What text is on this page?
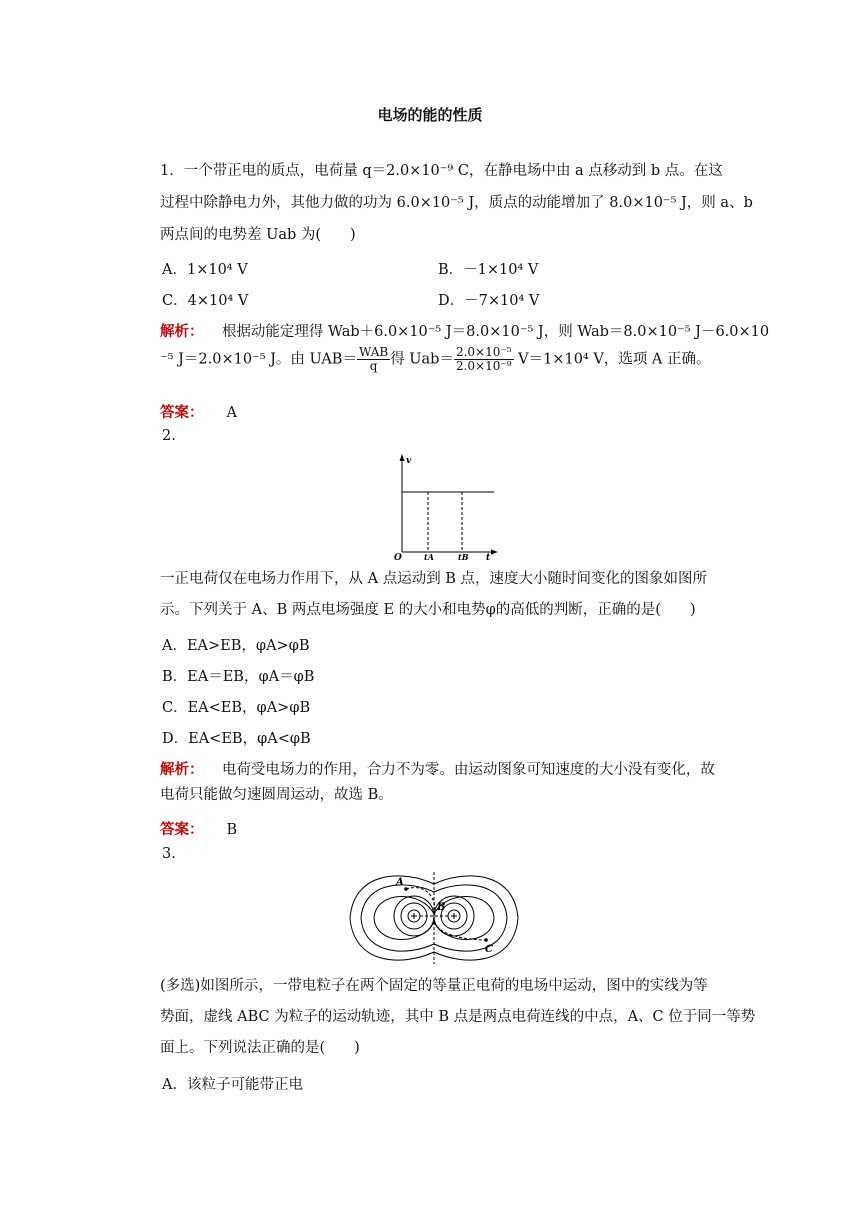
电场的能的性质
1．一个带正电的质点，电荷量 q＝2.0×10⁻⁹ C，在静电场中由 a 点移动到 b 点。在这
过程中除静电力外，其他力做的功为 6.0×10⁻⁵ J，质点的动能增加了 8.0×10⁻⁵ J，则 a、b
两点间的电势差 Uab 为(　　)
A．1×10⁴ V	B．－1×10⁴ V
C．4×10⁴ V	D．－7×10⁴ V
解析： 根据动能定理得 Wab＋6.0×10⁻⁵ J＝8.0×10⁻⁵ J，则 Wab＝8.0×10⁻⁵ J－6.0×10
⁻⁵ J＝2.0×10⁻⁵ J。由 $UAB= \frac{\text{WAB}}{q}$ 得 $Uab= \frac{\text{2.0×10⁻⁵}}{\text{2.0×10⁻⁹}} V=1\times 10^4$ V，选项 A 正确。
答案： A
2.
v
O	tA	tB t
一正电荷仅在电场力作用下，从 A 点运动到 B 点，速度大小随时间变化的图象如图所
示。下列关于 A、B 两点电场强度 E 的大小和电势φ的高低的判断，正确的是(　　)
A．EA>EB，φA>φB
B．EA＝EB，φA＝φB
C．EA<EB，φA>φB
D．EA<EB，φA<φB
解析： 电荷受电场力的作用，合力不为零。由运动图象可知速度的大小没有变化，故
电荷只能做匀速圆周运动，故选 B。
答案： B
3.
A
B
C
(多选)如图所示，一带电粒子在两个固定的等量正电荷的电场中运动，图中的实线为等
势面，虚线 ABC 为粒子的运动轨迹，其中 B 点是两点电荷连线的中点，A、C 位于同一等势
面上。下列说法正确的是(　　)
A．该粒子可能带正电
